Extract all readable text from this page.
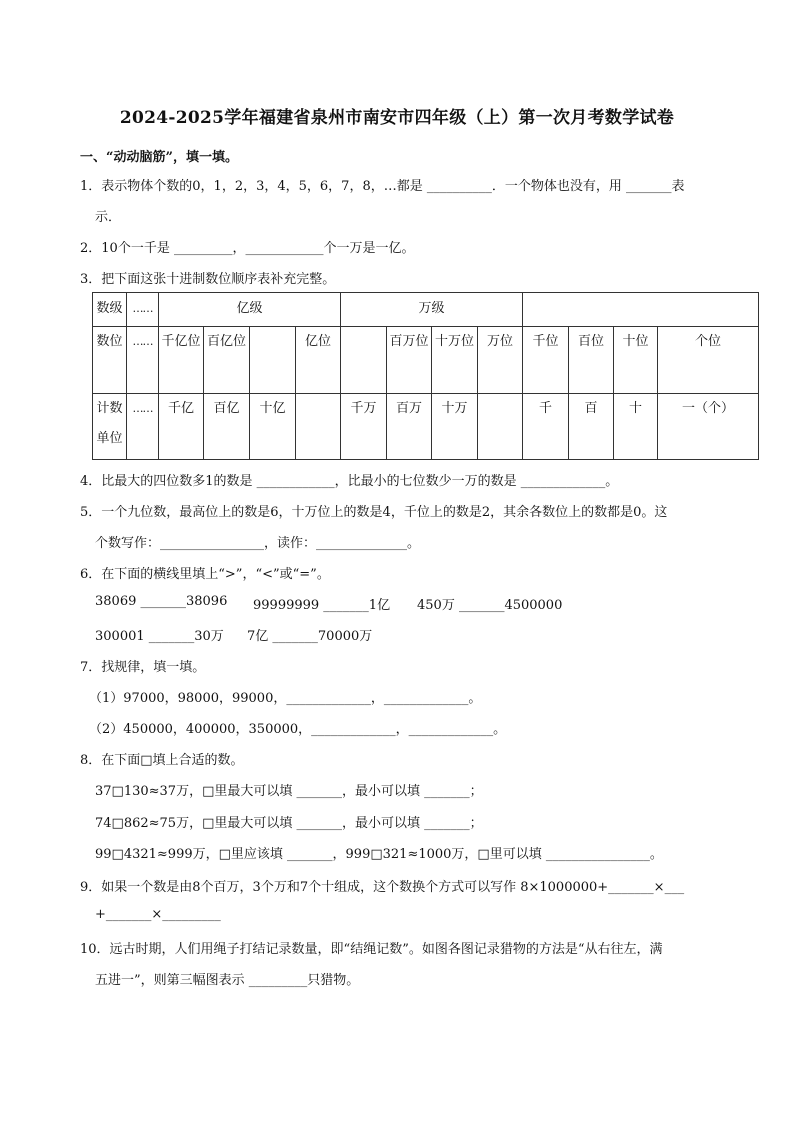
2024-2025学年福建省泉州市南安市四年级（上）第一次月考数学试卷
一、“动动脑筋”，填一填。
1．表示物体个数的0，1，2，3，4，5，6，7，8，…都是 __________．一个物体也没有，用 _______表
示．
2．10个一千是 _________，____________个一万是一亿。
3．把下面这张十进制数位顺序表补充完整。
数级	……	亿级				万级							
数位	……	千亿位	百亿位		亿位		百万位	十万位	万位	千位	百位	十位	个位
计数单位	……	千亿	百亿	十亿		千万	百万	十万		千	百	十	一（个）
4．比最大的四位数多1的数是 ____________，比最小的七位数少一万的数是 _____________。
5．一个九位数，最高位上的数是6，十万位上的数是4，千位上的数是2，其余各数位上的数都是0。这
个数写作：________________，读作：______________。
6．在下面的横线里填上“>”，“<”或“=”。
38069 _______38096 99999999 _______1亿 450万 _______4500000
300001 _______30万 7亿 _______70000万
7．找规律，填一填。
（1）97000，98000，99000，_____________，_____________。
（2）450000，400000，350000，_____________，_____________。
8．在下面□填上合适的数。
37□130≈37万，□里最大可以填 _______，最小可以填 _______；
74□862≈75万，□里最大可以填 _______，最小可以填 _______；
99□4321≈999万，□里应该填 _______，999□321≈1000万，□里可以填 ________________。
9．如果一个数是由8个百万，3个万和7个十组成，这个数换个方式可以写作 8×1000000+_______×___
+_______×_________
10．远古时期，人们用绳子打结记录数量，即“结绳记数”。如图各图记录猎物的方法是“从右往左，满
五进一”，则第三幅图表示 _________只猎物。
